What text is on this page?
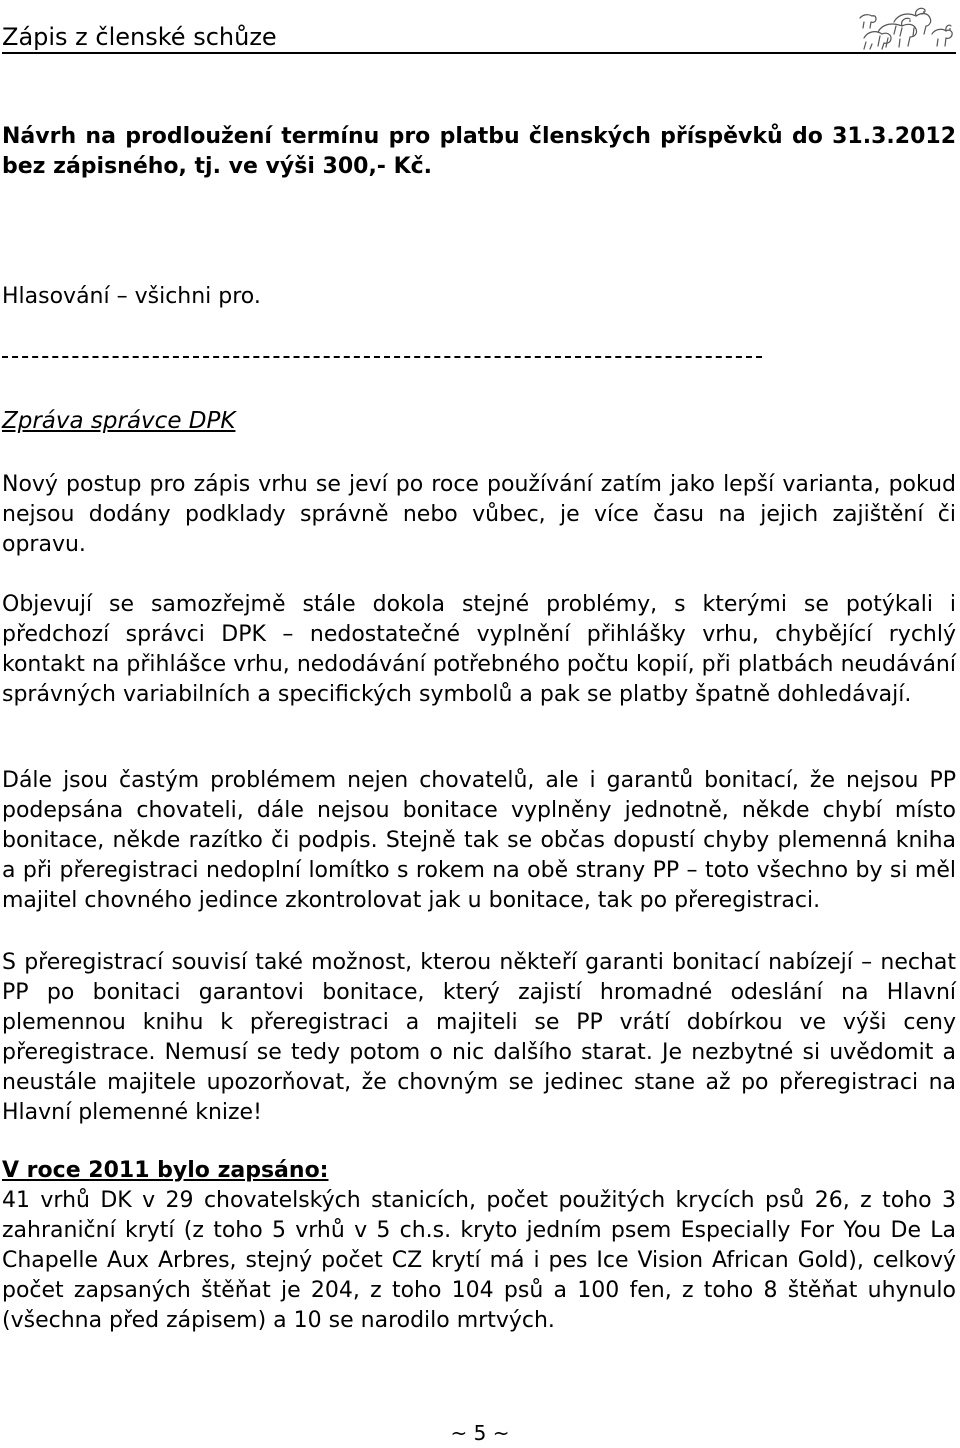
Zápis z členské schůze
Návrh na prodloužení termínu pro platbu členských příspěvků do 31.3.2012 bez zápisného, tj. ve výši 300,- Kč.
Hlasování – všichni pro.
Zpráva správce DPK
Nový postup pro zápis vrhu se jeví po roce používání zatím jako lepší varianta, pokud nejsou dodány podklady správně nebo vůbec, je více času na jejich zajištění či opravu.
Objevují se samozřejmě stále dokola stejné problémy, s kterými se potýkali i předchozí správci DPK – nedostatečné vyplnění přihlášky vrhu, chybějící rychlý kontakt na přihlášce vrhu, nedodávání potřebného počtu kopií, při platbách neudávání správných variabilních a specifických symbolů a pak se platby špatně dohledávají.
Dále jsou častým problémem nejen chovatelů, ale i garantů bonitací, že nejsou PP podepsána chovateli, dále nejsou bonitace vyplněny jednotně, někde chybí místo bonitace, někde razítko či podpis. Stejně tak se občas dopustí chyby plemenná kniha a při přeregistraci nedoplní lomítko s rokem na obě strany PP – toto všechno by si měl majitel chovného jedince zkontrolovat jak u bonitace, tak po přeregistraci.
S přeregistrací souvisí také možnost, kterou někteří garanti bonitací nabízejí – nechat PP po bonitaci garantovi bonitace, který zajistí hromadné odeslání na Hlavní plemennou knihu k přeregistraci a majiteli se PP vrátí dobírkou ve výši ceny přeregistrace. Nemusí se tedy potom o nic dalšího starat. Je nezbytné si uvědomit a neustále majitele upozorňovat, že chovným se jedinec stane až po přeregistraci na Hlavní plemenné knize!
V roce 2011 bylo zapsáno:
41 vrhů DK v 29 chovatelských stanicích, počet použitých krycích psů 26, z toho 3 zahraniční krytí (z toho 5 vrhů v 5 ch.s. kryto jedním psem Especially For You De La Chapelle Aux Arbres, stejný počet CZ krytí má i pes Ice Vision African Gold), celkový počet zapsaných štěňat je 204, z toho 104 psů a 100 fen, z toho 8 štěňat uhynulo (všechna před zápisem) a 10 se narodilo mrtvých.
~ 5 ~
